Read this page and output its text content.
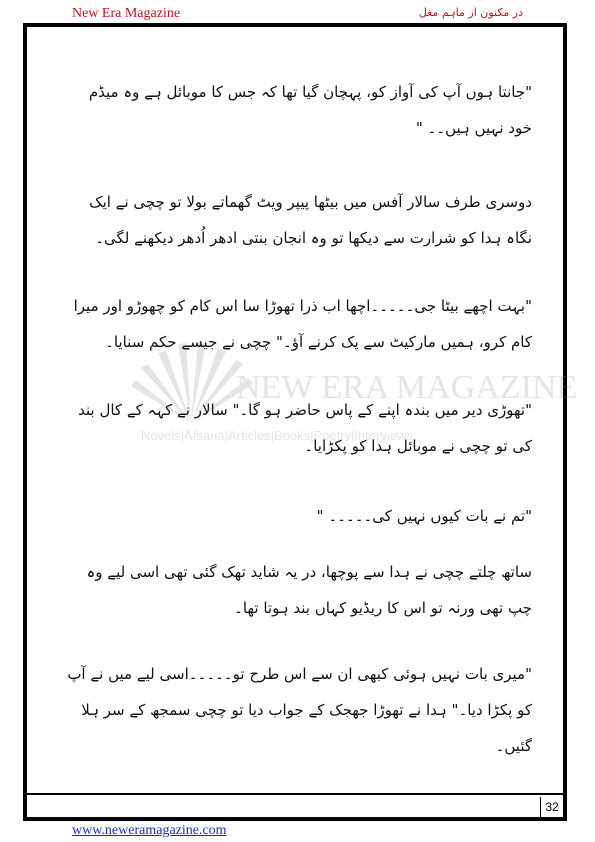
New Era Magazine	در مکنون از ماہم مغل
NEW ERA MAGAZINE
Novels|Afsana|Articles|Books|Poetry|Interviews

"جانتا ہوں آپ کی آواز کو، پہچان گیا تھا کہ جس کا موبائل ہے وہ میڈم خود نہیں ہیں۔۔ "

دوسری طرف سالار آفس میں بیٹھا پیپر ویٹ گھماتے بولا تو چچی نے ایک نگاہ ہدا کو شرارت سے دیکھا تو وہ انجان بنتی ادھر اُدھر دیکھنے لگی۔

"بہت اچھے بیٹا جی۔۔۔۔۔اچھا اب ذرا تھوڑا سا اس کام کو چھوڑو اور میرا کام کرو، ہمیں مارکیٹ سے پک کرنے آؤ۔" چچی نے جیسے حکم سنایا۔

"تھوڑی دیر میں بندہ اپنے کے پاس حاضر ہو گا۔" سالار نے کہہ کے کال بند کی تو چچی نے موبائل ہدا کو پکڑایا۔

"تم نے بات کیوں نہیں کی۔۔۔۔۔ "

ساتھ چلتے چچی نے ہدا سے پوچھا، در یہ شاید تھک گئی تھی اسی لیے وہ چپ تھی ورنہ تو اس کا ریڈیو کہاں بند ہوتا تھا۔

"میری بات نہیں ہوئی کبھی ان سے اس طرح تو۔۔۔۔۔اسی لیے میں نے آپ کو پکڑا دیا۔" ہدا نے تھوڑا جھجک کے جواب دیا تو چچی سمجھ کے سر ہلا گئیں۔

32
www.neweramagazine.com
